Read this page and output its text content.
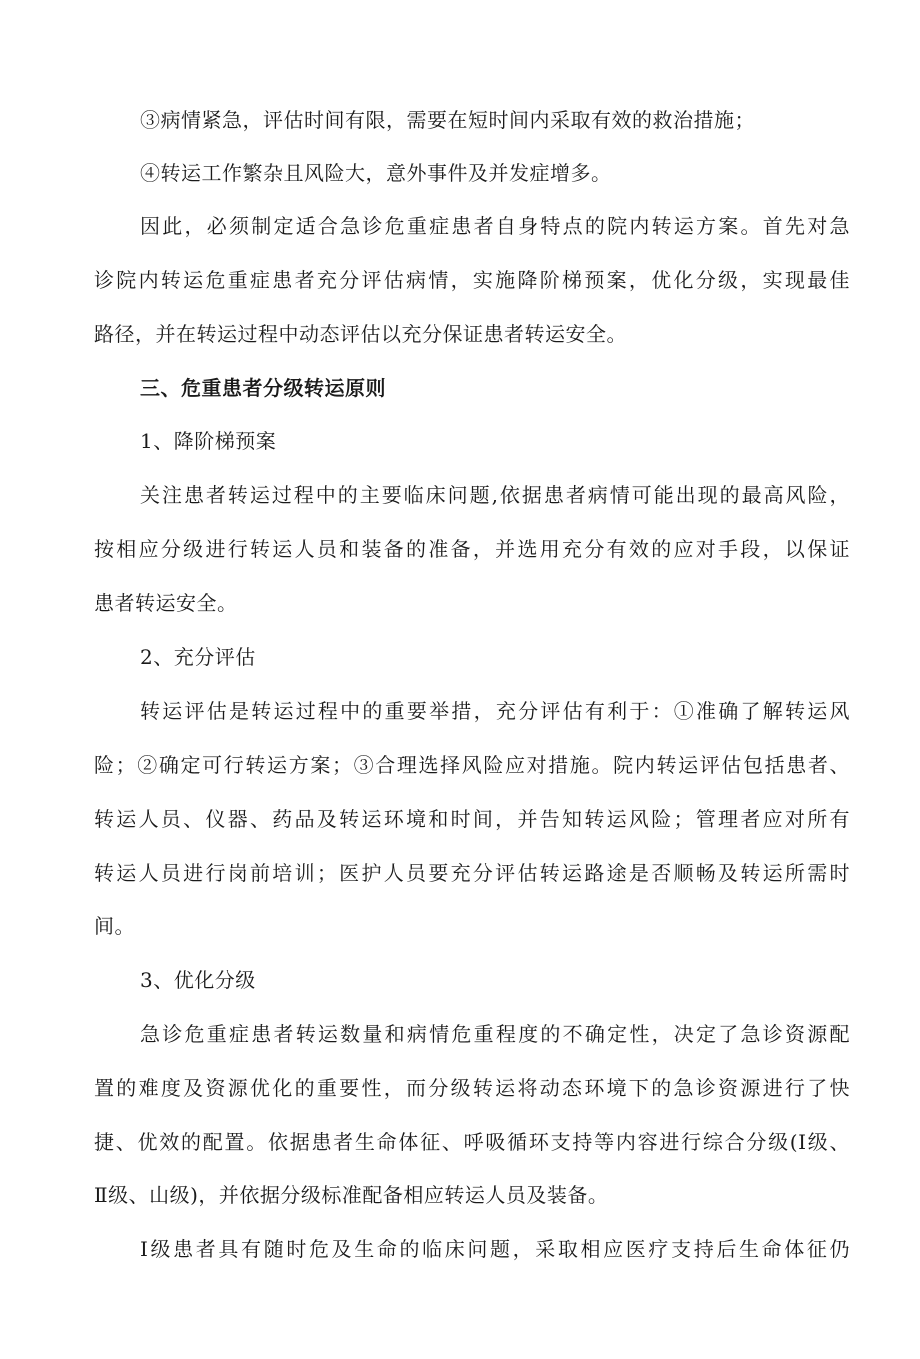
③病情紧急，评估时间有限，需要在短时间内采取有效的救治措施；
④转运工作繁杂且风险大，意外事件及并发症增多。
因此，必须制定适合急诊危重症患者自身特点的院内转运方案。首先对急
诊院内转运危重症患者充分评估病情，实施降阶梯预案，优化分级，实现最佳
路径，并在转运过程中动态评估以充分保证患者转运安全。
三、危重患者分级转运原则
1、降阶梯预案
关注患者转运过程中的主要临床问题,依据患者病情可能出现的最高风险，
按相应分级进行转运人员和装备的准备，并选用充分有效的应对手段，以保证
患者转运安全。
2、充分评估
转运评估是转运过程中的重要举措，充分评估有利于：①准确了解转运风
险；②确定可行转运方案；③合理选择风险应对措施。院内转运评估包括患者、
转运人员、仪器、药品及转运环境和时间，并告知转运风险；管理者应对所有
转运人员进行岗前培训；医护人员要充分评估转运路途是否顺畅及转运所需时
间。
3、优化分级
急诊危重症患者转运数量和病情危重程度的不确定性，决定了急诊资源配
置的难度及资源优化的重要性，而分级转运将动态环境下的急诊资源进行了快
捷、优效的配置。依据患者生命体征、呼吸循环支持等内容进行综合分级(I级、
Ⅱ级、山级)，并依据分级标准配备相应转运人员及装备。
Ⅰ级患者具有随时危及生命的临床问题，采取相应医疗支持后生命体征仍
